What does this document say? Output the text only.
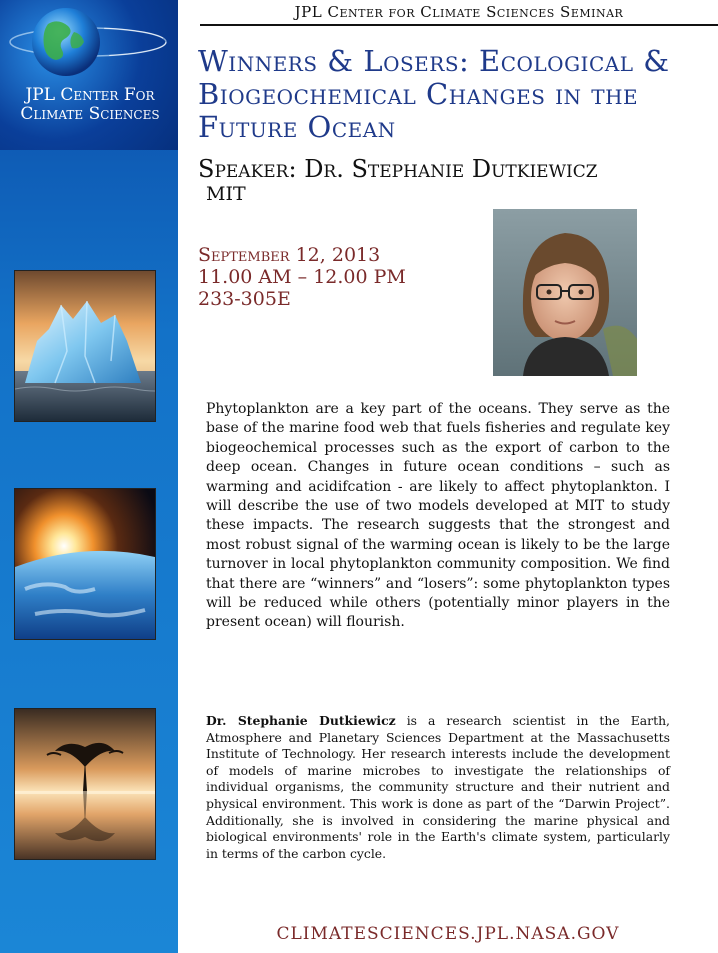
JPL Center For
Climate Sciences
JPL Center for Climate Sciences Seminar
Winners & Losers: Ecological & Biogeochemical Changes in the Future Ocean
Speaker: Dr. Stephanie Dutkiewicz
MIT
September 12, 2013
11.00 AM – 12.00 PM
233-305E

Phytoplankton are a key part of the oceans. They serve as the base of the marine food web that fuels fisheries and regulate key biogeochemical processes such as the export of carbon to the deep ocean. Changes in future ocean conditions – such as warming and acidifcation - are likely to affect phytoplankton. I will describe the use of two models developed at MIT to study these impacts. The research suggests that the strongest and most robust signal of the warming ocean is likely to be the large turnover in local phytoplankton community composition. We find that there are “winners” and “losers”: some phytoplankton types will be reduced while others (potentially minor players in the present ocean) will flourish.

Dr. Stephanie Dutkiewicz is a research scientist in the Earth, Atmosphere and Planetary Sciences Department at the Massachusetts Institute of Technology. Her research interests include the development of models of marine microbes to investigate the relationships of individual organisms, the community structure and their nutrient and physical environment. This work is done as part of the “Darwin Project”. Additionally, she is involved in considering the marine physical and biological environments' role in the Earth's climate system, particularly in terms of the carbon cycle.

CLIMATESCIENCES.JPL.NASA.GOV
